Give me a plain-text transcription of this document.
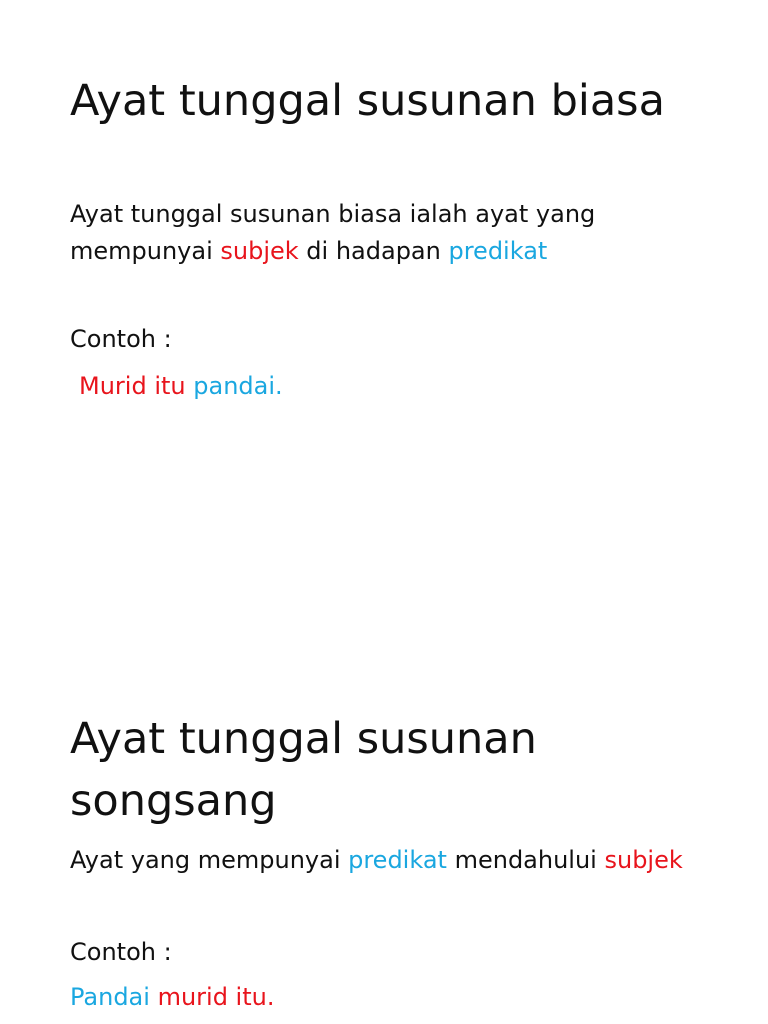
Ayat tunggal susunan biasa

Ayat tunggal susunan biasa ialah ayat yang mempunyai subjek di hadapan predikat

Contoh :

Murid itu pandai.

Ayat tunggal susunan songsang

Ayat yang mempunyai predikat mendahului subjek

Contoh :

Pandai murid itu.
